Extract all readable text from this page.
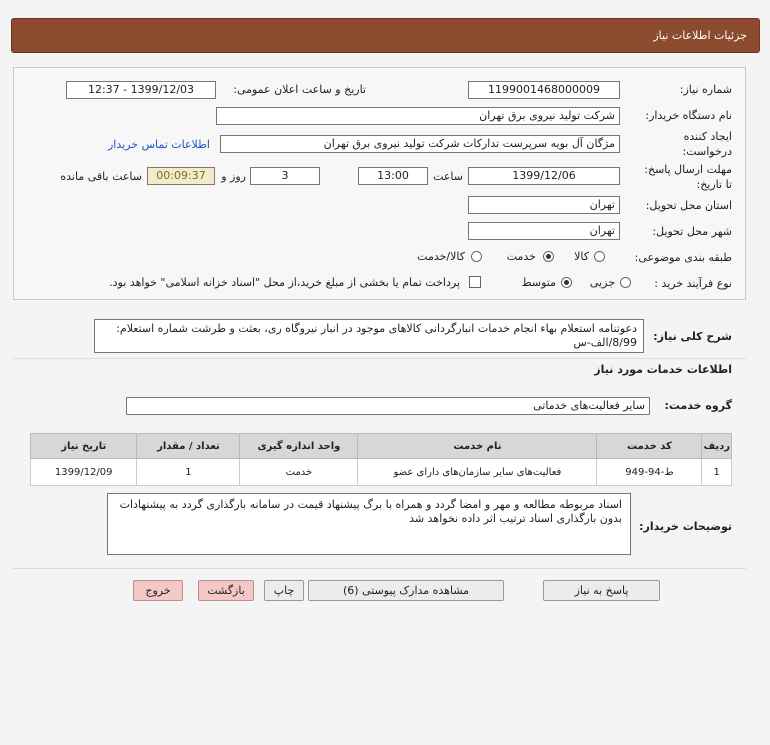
جزئیات اطلاعات نیاز
شماره نیاز:
1199001468000009
تاریخ و ساعت اعلان عمومی:
1399/12/03 - 12:37
نام دستگاه خریدار:
شرکت تولید نیروی برق تهران
ایجاد کننده
درخواست:
مژگان آل بویه سرپرست تدارکات شرکت تولید نیروی برق تهران
اطلاعات تماس خریدار
مهلت ارسال پاسخ:
تا تاریخ:
1399/12/06
ساعت
13:00
3
روز و
00:09:37
ساعت باقی مانده
استان محل تحویل:
تهران
شهر محل تحویل:
تهران
طبقه بندی موضوعی:
کالا
خدمت
کالا/خدمت
نوع فرآیند خرید :
جزیی
متوسط
پرداخت تمام یا بخشی از مبلغ خرید،از محل "اسناد خزانه اسلامی" خواهد بود.
شرح کلی نیاز:
دعوتنامه استعلام بهاء انجام خدمات انبارگردانی کالاهای موجود در انبار نیروگاه ری، بعثت و طرشت شماره استعلام: 8/99/الف-س
اطلاعات خدمات مورد نیاز
گروه خدمت:
سایر فعالیت‌های خدماتی
ردیف	کد خدمت	نام خدمت	واحد اندازه گیری	تعداد / مقدار	تاریخ نیاز
1	ط-94-949	فعالیت‌های سایر سازمان‌های دارای عضو	خدمت	1	1399/12/09
توضیحات خریدار:
اسناد مربوطه مطالعه و مهر و امضا گردد و همراه با برگ پیشنهاد قیمت در سامانه بارگذاری گردد به پیشنهادات بدون بارگذاری اسناد ترتیب اثر داده نخواهد شد
پاسخ به نیاز
مشاهده مدارک پیوستی (6)
چاپ
بازگشت
خروج
